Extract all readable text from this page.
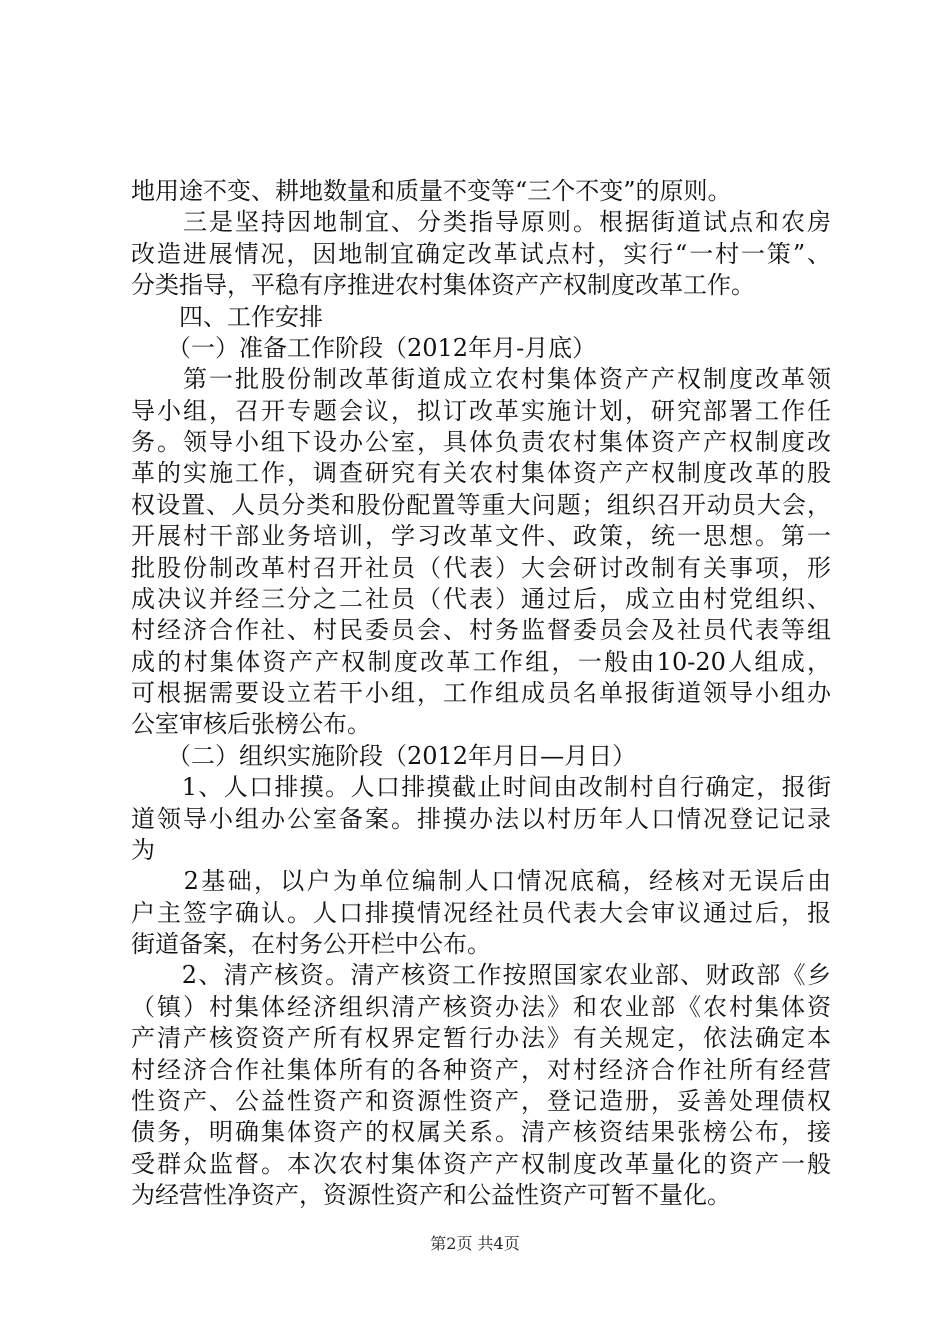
地用途不变、耕地数量和质量不变等“三个不变”的原则。
　　三是坚持因地制宜、分类指导原则。根据街道试点和农房
改造进展情况，因地制宜确定改革试点村，实行“一村一策”、
分类指导，平稳有序推进农村集体资产产权制度改革工作。
　　四、工作安排
　　（一）准备工作阶段（2012年月-月底）
　　第一批股份制改革街道成立农村集体资产产权制度改革领
导小组，召开专题会议，拟订改革实施计划，研究部署工作任
务。领导小组下设办公室，具体负责农村集体资产产权制度改
革的实施工作，调查研究有关农村集体资产产权制度改革的股
权设置、人员分类和股份配置等重大问题；组织召开动员大会，
开展村干部业务培训，学习改革文件、政策，统一思想。第一
批股份制改革村召开社员（代表）大会研讨改制有关事项，形
成决议并经三分之二社员（代表）通过后，成立由村党组织、
村经济合作社、村民委员会、村务监督委员会及社员代表等组
成的村集体资产产权制度改革工作组，一般由10-20人组成，
可根据需要设立若干小组，工作组成员名单报街道领导小组办
公室审核后张榜公布。
　　（二）组织实施阶段（2012年月日—月日）
　　1、人口排摸。人口排摸截止时间由改制村自行确定，报街
道领导小组办公室备案。排摸办法以村历年人口情况登记记录
为
　　2基础，以户为单位编制人口情况底稿，经核对无误后由
户主签字确认。人口排摸情况经社员代表大会审议通过后，报
街道备案，在村务公开栏中公布。
　　2、清产核资。清产核资工作按照国家农业部、财政部《乡
（镇）村集体经济组织清产核资办法》和农业部《农村集体资
产清产核资资产所有权界定暂行办法》有关规定，依法确定本
村经济合作社集体所有的各种资产，对村经济合作社所有经营
性资产、公益性资产和资源性资产，登记造册，妥善处理债权
债务，明确集体资产的权属关系。清产核资结果张榜公布，接
受群众监督。本次农村集体资产产权制度改革量化的资产一般
为经营性净资产，资源性资产和公益性资产可暂不量化。
第2页 共4页
